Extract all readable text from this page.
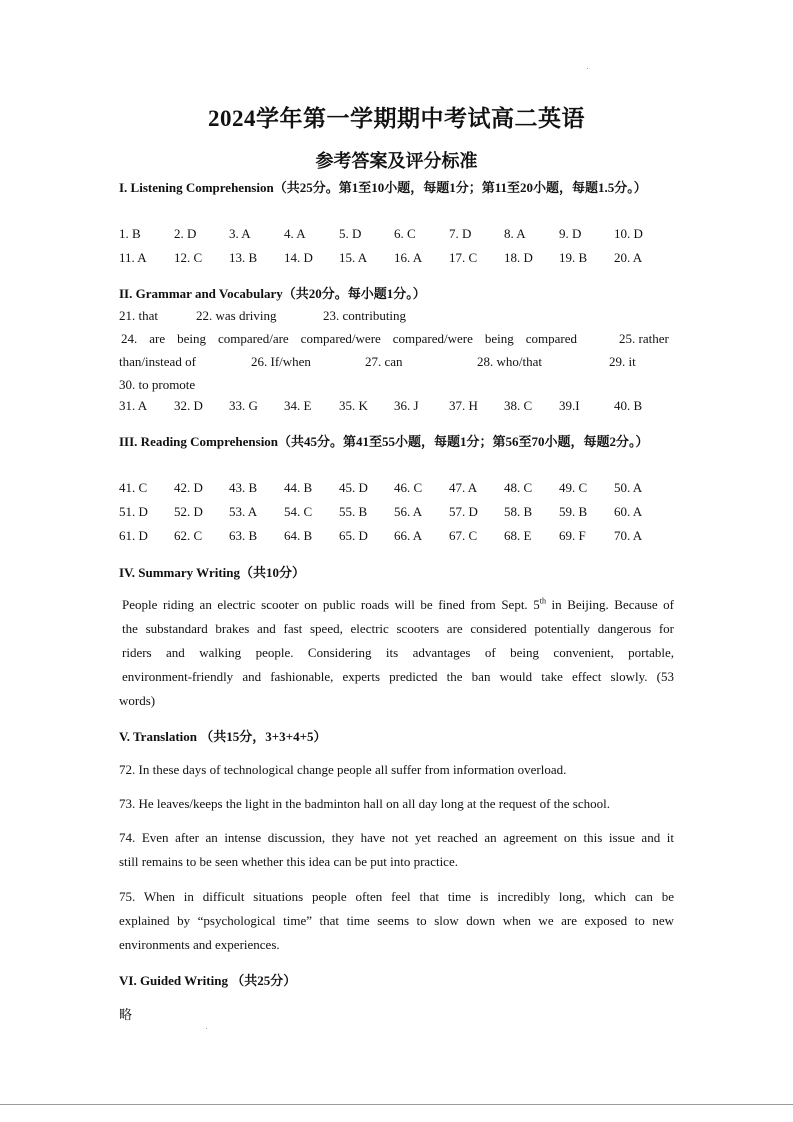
2024学年第一学期期中考试高二英语
参考答案及评分标准
I. Listening Comprehension（共25分。第1至10小题，每题1分；第11至20小题，每题1.5分。）
1. B	2. D	3. A	4. A	5. D	6. C	7. D	8. A	9. D	10. D
11. A	12. C	13. B	14. D	15. A	16. A	17. C	18. D	19. B	20. A
II. Grammar and Vocabulary（共20分。每小题1分。）
21. that	22. was driving	23. contributing
24. are being compared/are compared/were compared/were being compared	25. rather
than/instead of	26. If/when	27. can	28. who/that	29. it
30. to promote
31. A	32. D	33. G	34. E	35. K	36. J	37. H	38. C	39.I	40. B
III. Reading Comprehension（共45分。第41至55小题，每题1分；第56至70小题，每题2分。）
41. C	42. D	43. B	44. B	45. D	46. C	47. A	48. C	49. C	50. A
51. D	52. D	53. A	54. C	55. B	56. A	57. D	58. B	59. B	60. A
61. D	62. C	63. B	64. B	65. D	66. A	67. C	68. E	69. F	70. A
IV. Summary Writing（共10分）
People riding an electric scooter on public roads will be fined from Sept. 5th in Beijing. Because of
the substandard brakes and fast speed, electric scooters are considered potentially dangerous for
riders and walking people. Considering its advantages of being convenient, portable,
environment-friendly and fashionable, experts predicted the ban would take effect slowly. (53
words)
V. Translation （共15分，3+3+4+5）
72. In these days of technological change people all suffer from information overload.
73. He leaves/keeps the light in the badminton hall on all day long at the request of the school.
74. Even after an intense discussion, they have not yet reached an agreement on this issue and it
still remains to be seen whether this idea can be put into practice.
75. When in difficult situations people often feel that time is incredibly long, which can be
explained by “psychological time” that time seems to slow down when we are exposed to new
environments and experiences.
VI. Guided Writing （共25分）
略
